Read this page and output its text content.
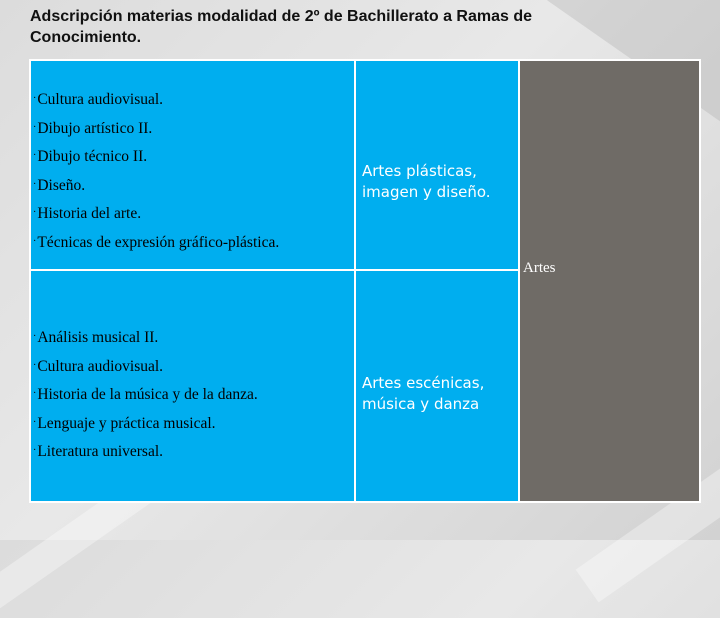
Adscripción materias modalidad de 2º de Bachillerato a Ramas de Conocimiento.
· Cultura audiovisual.
· Dibujo artístico II.
· Dibujo técnico II.
· Diseño.
· Historia del arte.
· Técnicas de expresión gráfico-plástica.
Artes plásticas,
imagen y diseño.
· Análisis musical II.
· Cultura audiovisual.
· Historia de la música y de la danza.
· Lenguaje y práctica musical.
· Literatura universal.
Artes escénicas,
música y danza
Artes
